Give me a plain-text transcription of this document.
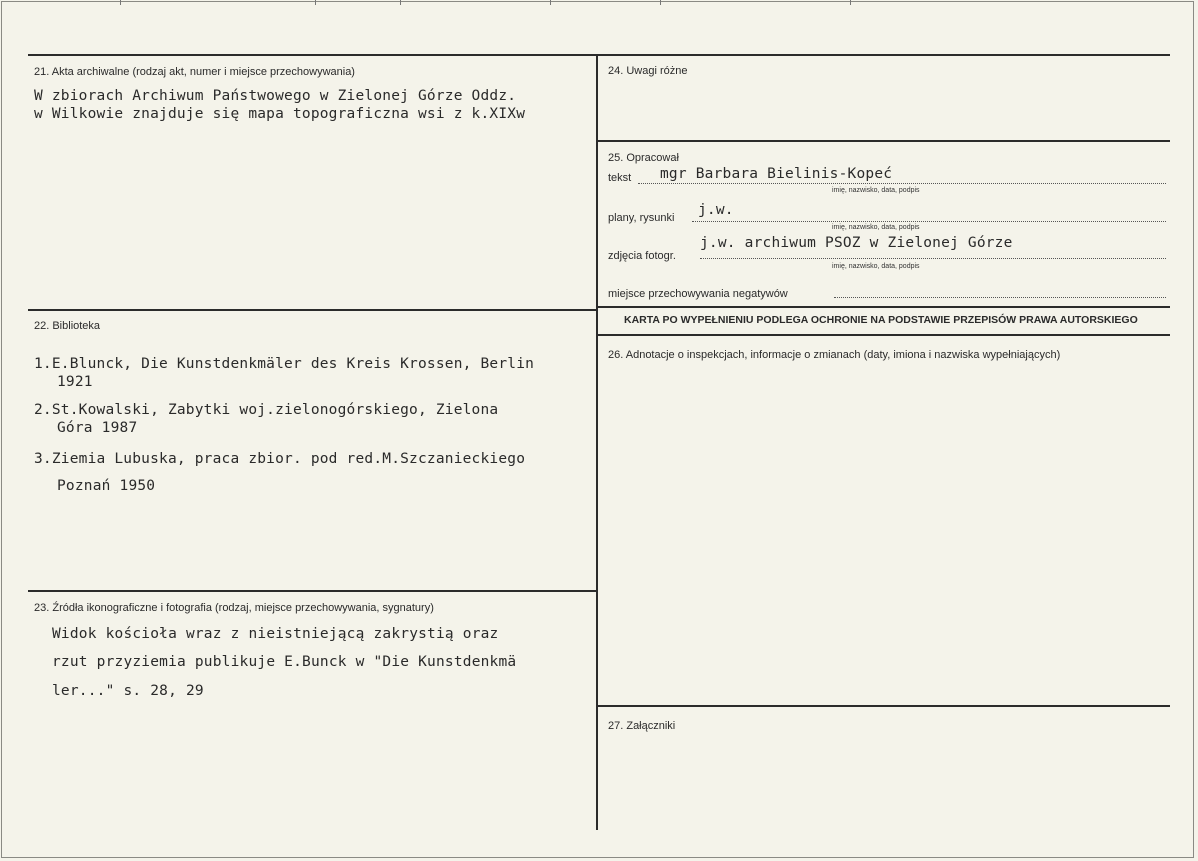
21. Akta archiwalne (rodzaj akt, numer i miejsce przechowywania)
W zbiorach Archiwum Państwowego w Zielonej Górze Oddz.
w Wilkowie znajduje się mapa topograficzna wsi z k.XIXw
22. Biblioteka
1.E.Blunck, Die Kunstdenkmäler des Kreis Krossen, Berlin
1921
2.St.Kowalski, Zabytki woj.zielonogórskiego, Zielona
Góra 1987
3.Ziemia Lubuska, praca zbior. pod red.M.Szczanieckiego
Poznań 1950
23. Źródła ikonograficzne i fotografia (rodzaj, miejsce przechowywania, sygnatury)
Widok kościoła wraz z nieistniejącą zakrystią oraz
rzut przyziemia publikuje E.Bunck w "Die Kunstdenkmä
ler..." s. 28, 29
24. Uwagi różne
25. Opracował
tekst mgr Barbara Bielinis-Kopeć
imię, nazwisko, data, podpis
plany, rysunki j.w.
imię, nazwisko, data, podpis
zdjęcia fotogr.
j.w. archiwum PSOZ w Zielonej Górze
imię, nazwisko, data, podpis
miejsce przechowywania negatywów
KARTA PO WYPEŁNIENIU PODLEGA OCHRONIE NA PODSTAWIE PRZEPISÓW PRAWA AUTORSKIEGO
26. Adnotacje o inspekcjach, informacje o zmianach (daty, imiona i nazwiska wypełniających)
27. Załączniki
